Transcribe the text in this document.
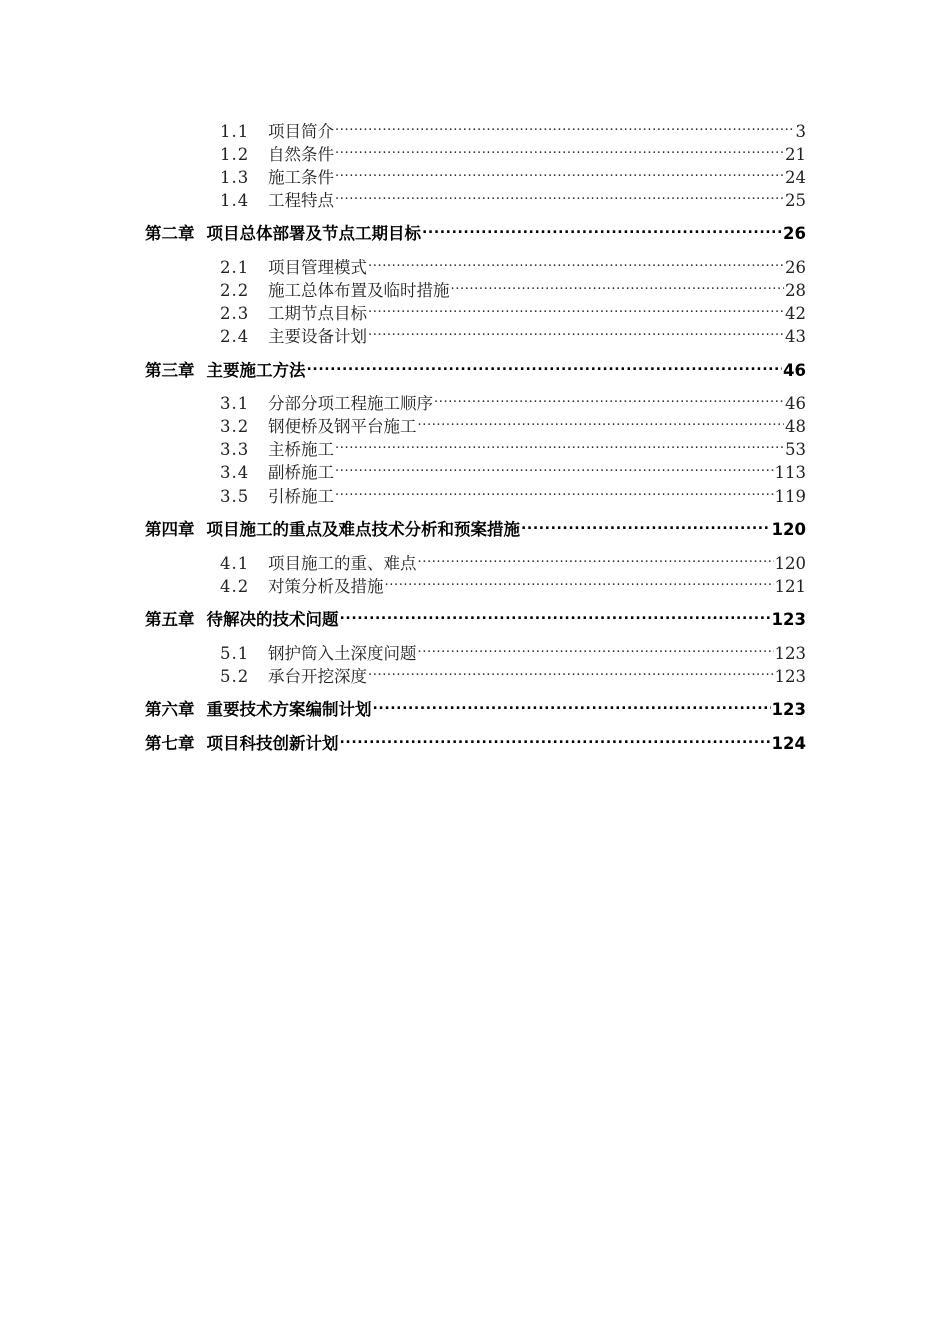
1.1	项目简介 .....	3
1.2	自然条件 .....	21
1.3	施工条件 .....	24
1.4	工程特点 .....	25
第二章 项目总体部署及节点工期目标 .....	26
2.1	项目管理模式 .....	26
2.2	施工总体布置及临时措施 .....	28
2.3	工期节点目标 .....	42
2.4	主要设备计划 .....	43
第三章 主要施工方法 .....	46
3.1	分部分项工程施工顺序 .....	46
3.2	钢便桥及钢平台施工 .....	48
3.3	主桥施工 .....	53
3.4	副桥施工 .....	113
3.5	引桥施工 .....	119
第四章 项目施工的重点及难点技术分析和预案措施 .....	120
4.1	项目施工的重、难点 .....	120
4.2	对策分析及措施 .....	121
第五章 待解决的技术问题 .....	123
5.1	钢护筒入土深度问题 .....	123
5.2	承台开挖深度 .....	123
第六章 重要技术方案编制计划 .....	123
第七章 项目科技创新计划 .....	124
